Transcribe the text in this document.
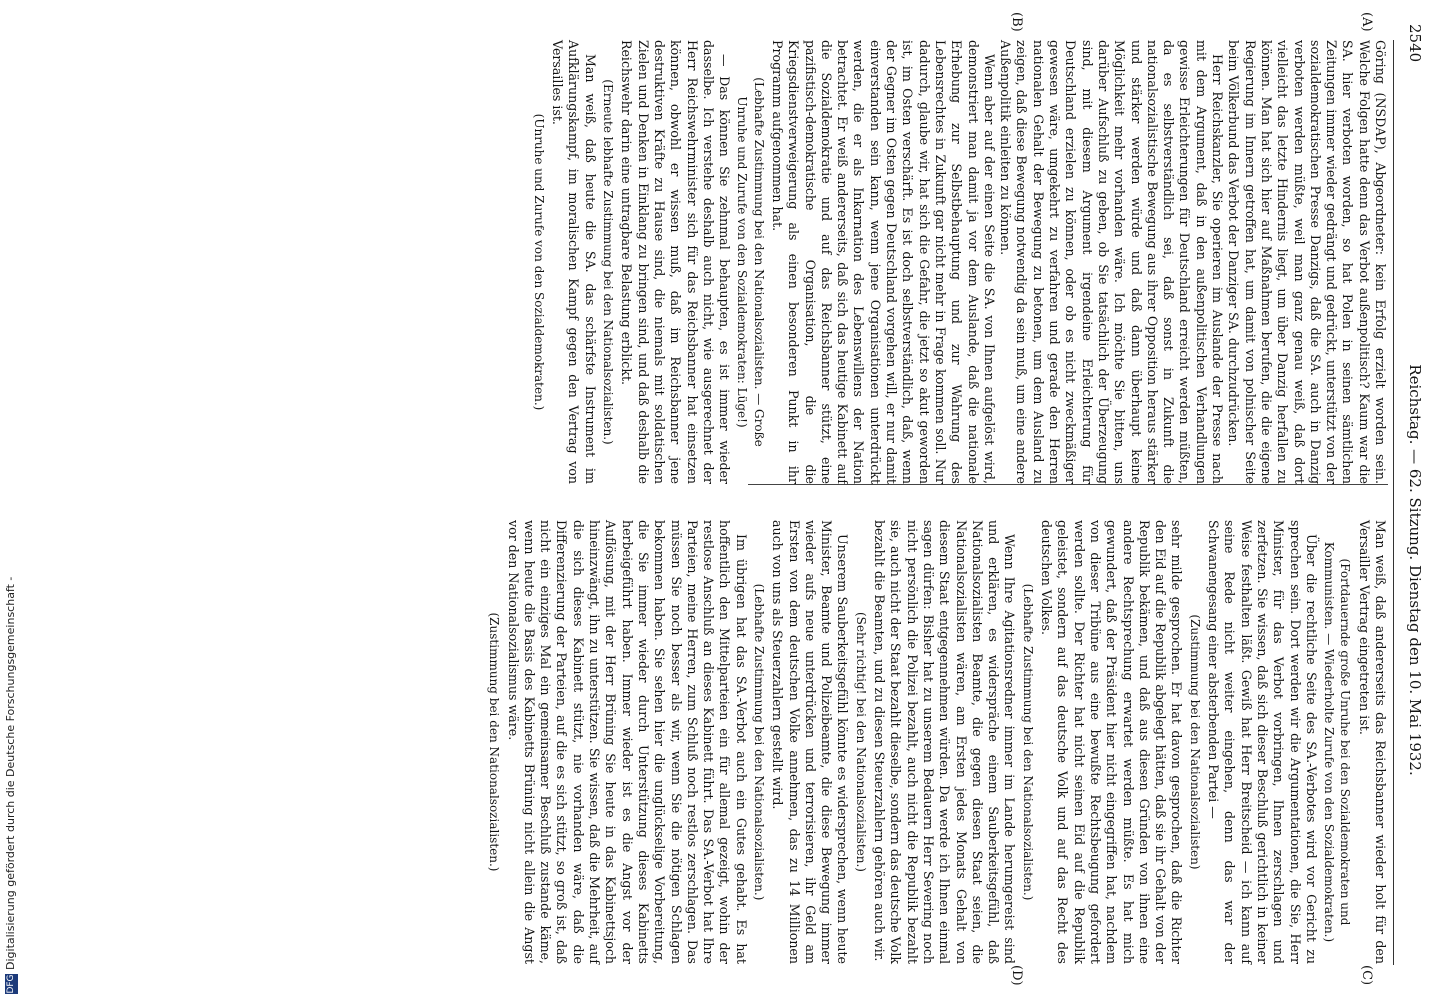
2540
Reichstag. — 62. Sitzung. Dienstag den 10. Mai 1932.
(A)
(B)
(C)
(D)

Göring (NSDAP), Abgeordneter: kein Erfolg erzielt worden sein. Welche Folgen hatte denn das Verbot außenpolitisch? Kaum war die SA. hier verboten worden, so hat Polen in seinen sämtlichen Zeitungen immer wieder gedrängt und gedrückt, unterstützt von der sozialdemokratischen Presse Danzigs, daß die SA. auch in Danzig verboten werden müßte, weil man ganz genau weiß, daß dort vielleicht das letzte Hindernis liegt, um über Danzig herfallen zu können. Man hat sich hier auf Maßnahmen berufen, die die eigene Regierung im Innern getroffen hat, um damit von polnischer Seite beim Völkerbund das Verbot der Danziger SA. durchzudrücken.

Herr Reichskanzler, Sie operieren im Auslande der Presse nach mit dem Argument, daß in den außenpolitischen Verhandlungen gewisse Erleichterungen für Deutschland erreicht werden müßten, da es selbstverständlich sei, daß sonst in Zukunft die nationalsozialistische Bewegung aus ihrer Opposition heraus stärker und stärker werden würde und daß dann überhaupt keine Möglichkeit mehr vorhanden wäre. Ich möchte Sie bitten, uns darüber Aufschluß zu geben, ob Sie tatsächlich der Überzeugung sind, mit diesem Argument irgendeine Erleichterung für Deutschland erzielen zu können, oder ob es nicht zweckmäßiger gewesen wäre, umgekehrt zu verfahren und gerade den Herren nationalen Gehalt der Bewegung zu betonen, um dem Ausland zu zeigen, daß diese Bewegung notwendig da sein muß, um eine andere Außenpolitik einleiten zu können.

Wenn aber auf der einen Seite die SA. von Ihnen aufgelöst wird, demonstriert man damit ja vor dem Auslande, daß die nationale Erhebung zur Selbstbehauptung und zur Wahrung des Lebensrechtes in Zukunft gar nicht mehr in Frage kommen soll. Nur dadurch, glaube wir, hat sich die Gefahr, die jetzt so akut geworden ist, im Osten verschärft. Es ist doch selbstverständlich, daß, wenn der Gegner im Osten gegen Deutschland vorgehen will, er nur damit einverstanden sein kann, wenn jene Organisationen unterdrückt werden, die er als Inkarnation des Lebenswillens der Nation betrachtet. Er weiß andererseits, daß sich das heutige Kabinett auf die Sozialdemokratie und auf das Reichsbanner stützt, eine pazifistisch-demokratische Organisation, die die Kriegsdienstverweigerung als einen besonderen Punkt in ihr Programm aufgenommen hat.

(Lebhafte Zustimmung bei den Nationalsozialisten. — Große Unruhe und Zurufe von den Sozialdemokraten: Lüge!)

— Das können Sie zehnmal behaupten, es ist immer wieder dasselbe. Ich verstehe deshalb auch nicht, wie ausgerechnet der Herr Reichswehrminister sich für das Reichsbanner hat einsetzen können, obwohl er wissen muß, daß im Reichsbanner jene destruktiven Kräfte zu Hause sind, die niemals mit soldatischen Zielen und Denken in Einklang zu bringen sind, und daß deshalb die Reichswehr darin eine untragbare Belastung erblickt.

(Erneute lebhafte Zustimmung bei den Nationalsozialisten.)

Man weiß, daß heute die SA. das schärfste Instrument im Aufklärungskampf, im moralischen Kampf gegen den Vertrag von Versailles ist.

(Unruhe und Zurufe von den Sozialdemokraten.)

Man weiß, daß andererseits das Reichsbanner wieder holt für den Versailler Vertrag eingetreten ist.

(Fortdauernde große Unruhe bei den Sozialdemokraten und Kommunisten. — Wiederholte Zurufe von den Sozialdemokraten.)

Über die rechtliche Seite des SA.-Verbotes wird vor Gericht zu sprechen sein. Dort werden wir die Argumentationen, die Sie, Herr Minister, für das Verbot vorbringen, Ihnen zerschlagen und zerfetzen. Sie wissen, daß sich dieser Beschluß gerichtlich in keiner Weise festhalten läßt. Gewiß hat Herr Breitscheid — ich kann auf seine Rede nicht weiter eingehen, denn das war der Schwanengesang einer absterbenden Partei —

(Zustimmung bei den Nationalsozialisten)

sehr milde gesprochen. Er hat davon gesprochen, daß die Richter den Eid auf die Republik abgelegt hätten, daß sie ihr Gehalt von der Republik bekämen, und daß aus diesen Gründen von ihnen eine andere Rechtsprechung erwartet werden müßte. Es hat mich gewundert, daß der Präsident hier nicht eingegriffen hat, nachdem von dieser Tribüne aus eine bewußte Rechtsbeugung gefordert werden sollte. Der Richter hat nicht seinen Eid auf die Republik geleistet, sondern auf das deutsche Volk und auf das Recht des deutschen Volkes.

(Lebhafte Zustimmung bei den Nationalsozialisten.)

Wenn Ihre Agitationsredner immer im Lande herumgereist sind und erklären, es widerspräche einem Sauberkeitsgefühl, daß Nationalsozialisten Beamte, die gegen diesen Staat seien, die Nationalsozialisten wären, am Ersten jedes Monats Gehalt von diesem Staat entgegennehmen würden. Da werde ich Ihnen einmal sagen dürfen: Bisher hat zu unserem Bedauern Herr Severing noch nicht persönlich die Polizei bezahlt, auch nicht die Republik bezahlt sie, auch nicht der Staat bezahlt dieselbe, sondern das deutsche Volk bezahlt die Beamten, und zu diesen Steuerzahlern gehören auch wir.

(Sehr richtig! bei den Nationalsozialisten.)

Unserem Sauberkeitsgefühl könnte es widersprechen, wenn heute Minister, Beamte und Polizeibeamte, die diese Bewegung immer wieder aufs neue unterdrücken und terrorisieren, ihr Geld am Ersten von dem deutschen Volke annehmen, das zu 14 Millionen auch von uns als Steuerzahlern gestellt wird.

(Lebhafte Zustimmung bei den Nationalsozialisten.)

Im übrigen hat das SA.-Verbot auch ein Gutes gehabt. Es hat hoffentlich den Mittelparteien ein für allemal gezeigt, wohin der restlose Anschluß an dieses Kabinett führt. Das SA.-Verbot hat Ihre Parteien, meine Herren, zum Schluß noch restlos zerschlagen. Das müssen Sie noch besser als wir, wenn Sie die nötigen Schlagen bekommen haben. Sie sehen hier die unglückselige Vorbereitung, die Sie immer wieder durch Unterstützung dieses Kabinetts herbeigeführt haben. Immer wieder ist es die Angst vor der Auflösung, mit der Herr Brüning Sie heute in das Kabinettsjoch hineinzwängt, ihn zu unterstützen. Sie wissen, daß die Mehrheit, auf die sich dieses Kabinett stützt, nie vorhanden wäre, daß die Differenzierung der Parteien, auf die es sich stützt, so groß ist, daß nicht ein einziges Mal ein gemeinsamer Beschluß zustande käme, wenn heute die Basis des Kabinetts Brüning nicht allein die Angst vor den Nationalsozialismus wäre.

(Zustimmung bei den Nationalsozialisten.)

DFG
Digitalisierung gefördert durch die Deutsche Forschungsgemeinschaft -
